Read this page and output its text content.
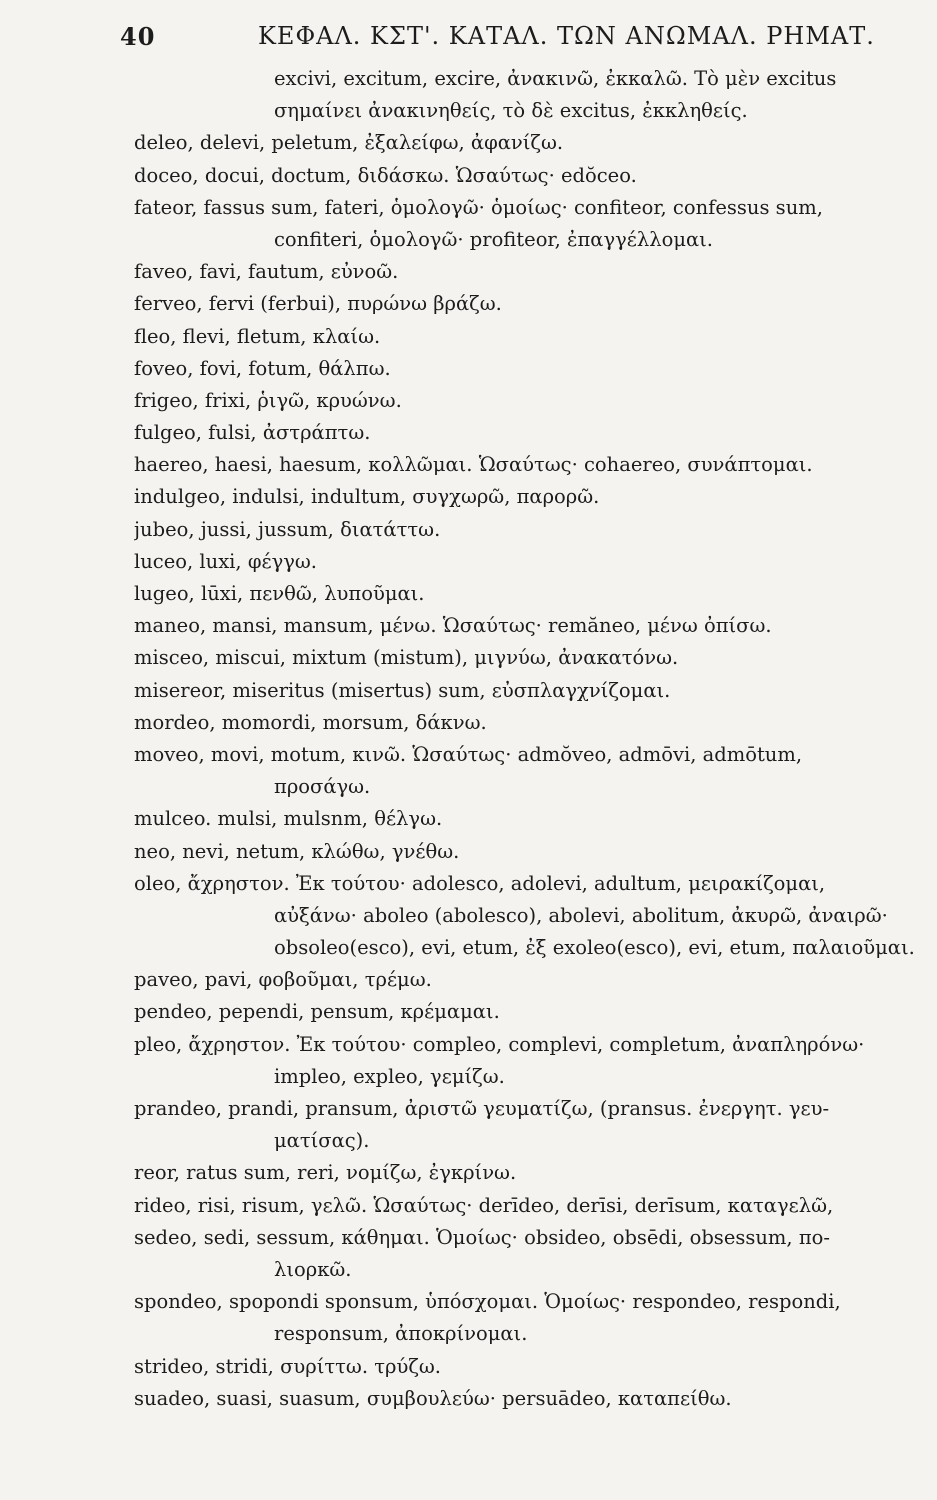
40	ΚΕΦΑΛ. ΚΣΤ'. ΚΑΤΑΛ. ΤΩΝ ΑΝΩΜΑΛ. ΡΗΜΑΤ.
excivi, excitum, excire, ἀνακινῶ, ἐκκαλῶ. Τὸ μὲν excitus
σημαίνει ἀνακινηθείς, τὸ δὲ excitus, ἐκκληθείς.
deleo, delevi, peletum, ἐξαλείφω, ἀφανίζω.
doceo, docui, doctum, διδάσκω. Ὡσαύτως· edŏceo.
fateor, fassus sum, fateri, ὁμολογῶ· ὁμοίως· confiteor, confessus sum,
confiteri, ὁμολογῶ· profiteor, ἐπαγγέλλομαι.
faveo, favi, fautum, εὐνοῶ.
ferveo, fervi (ferbui), πυρώνω βράζω.
fleo, flevi, fletum, κλαίω.
foveo, fovi, fotum, θάλπω.
frigeo, frixi, ῥιγῶ, κρυώνω.
fulgeo, fulsi, ἀστράπτω.
haereo, haesi, haesum, κολλῶμαι. Ὡσαύτως· cohaereo, συνάπτομαι.
indulgeo, indulsi, indultum, συγχωρῶ, παρορῶ.
jubeo, jussi, jussum, διατάττω.
luceo, luxi, φέγγω.
lugeo, lūxi, πενθῶ, λυποῦμαι.
maneo, mansi, mansum, μένω. Ὡσαύτως· remăneo, μένω ὀπίσω.
misceo, miscui, mixtum (mistum), μιγνύω, ἀνακατόνω.
misereor, miseritus (misertus) sum, εὐσπλαγχνίζομαι.
mordeo, momordi, morsum, δάκνω.
moveo, movi, motum, κινῶ. Ὡσαύτως· admŏveo, admōvi, admōtum,
προσάγω.
mulceo. mulsi, mulsnm, θέλγω.
neo, nevi, netum, κλώθω, γνέθω.
oleo, ἄχρηστον. Ἐκ τούτου· adolesco, adolevi, adultum, μειρακίζομαι,
αὐξάνω· aboleo (abolesco), abolevi, abolitum, ἀκυρῶ, ἀναιρῶ·
obsoleo(esco), evi, etum, ἐξ exoleo(esco), evi, etum, παλαιοῦμαι.
paveo, pavi, φοβοῦμαι, τρέμω.
pendeo, pependi, pensum, κρέμαμαι.
pleo, ἄχρηστον. Ἐκ τούτου· compleo, complevi, completum, ἀναπληρόνω·
impleo, expleo, γεμίζω.
prandeo, prandi, pransum, ἀριστῶ γευματίζω, (pransus. ἐνεργητ. γευ-
ματίσας).
reor, ratus sum, reri, νομίζω, ἐγκρίνω.
rideo, risi, risum, γελῶ. Ὡσαύτως· derīdeo, derīsi, derīsum, καταγελῶ,
sedeo, sedi, sessum, κάθημαι. Ὁμοίως· obsideo, obsēdi, obsessum, πο-
λιορκῶ.
spondeo, spopondi sponsum, ὑπόσχομαι. Ὁμοίως· respondeo, respondi,
responsum, ἀποκρίνομαι.
strideo, stridi, συρίττω. τρύζω.
suadeo, suasi, suasum, συμβουλεύω· persuādeo, καταπείθω.
